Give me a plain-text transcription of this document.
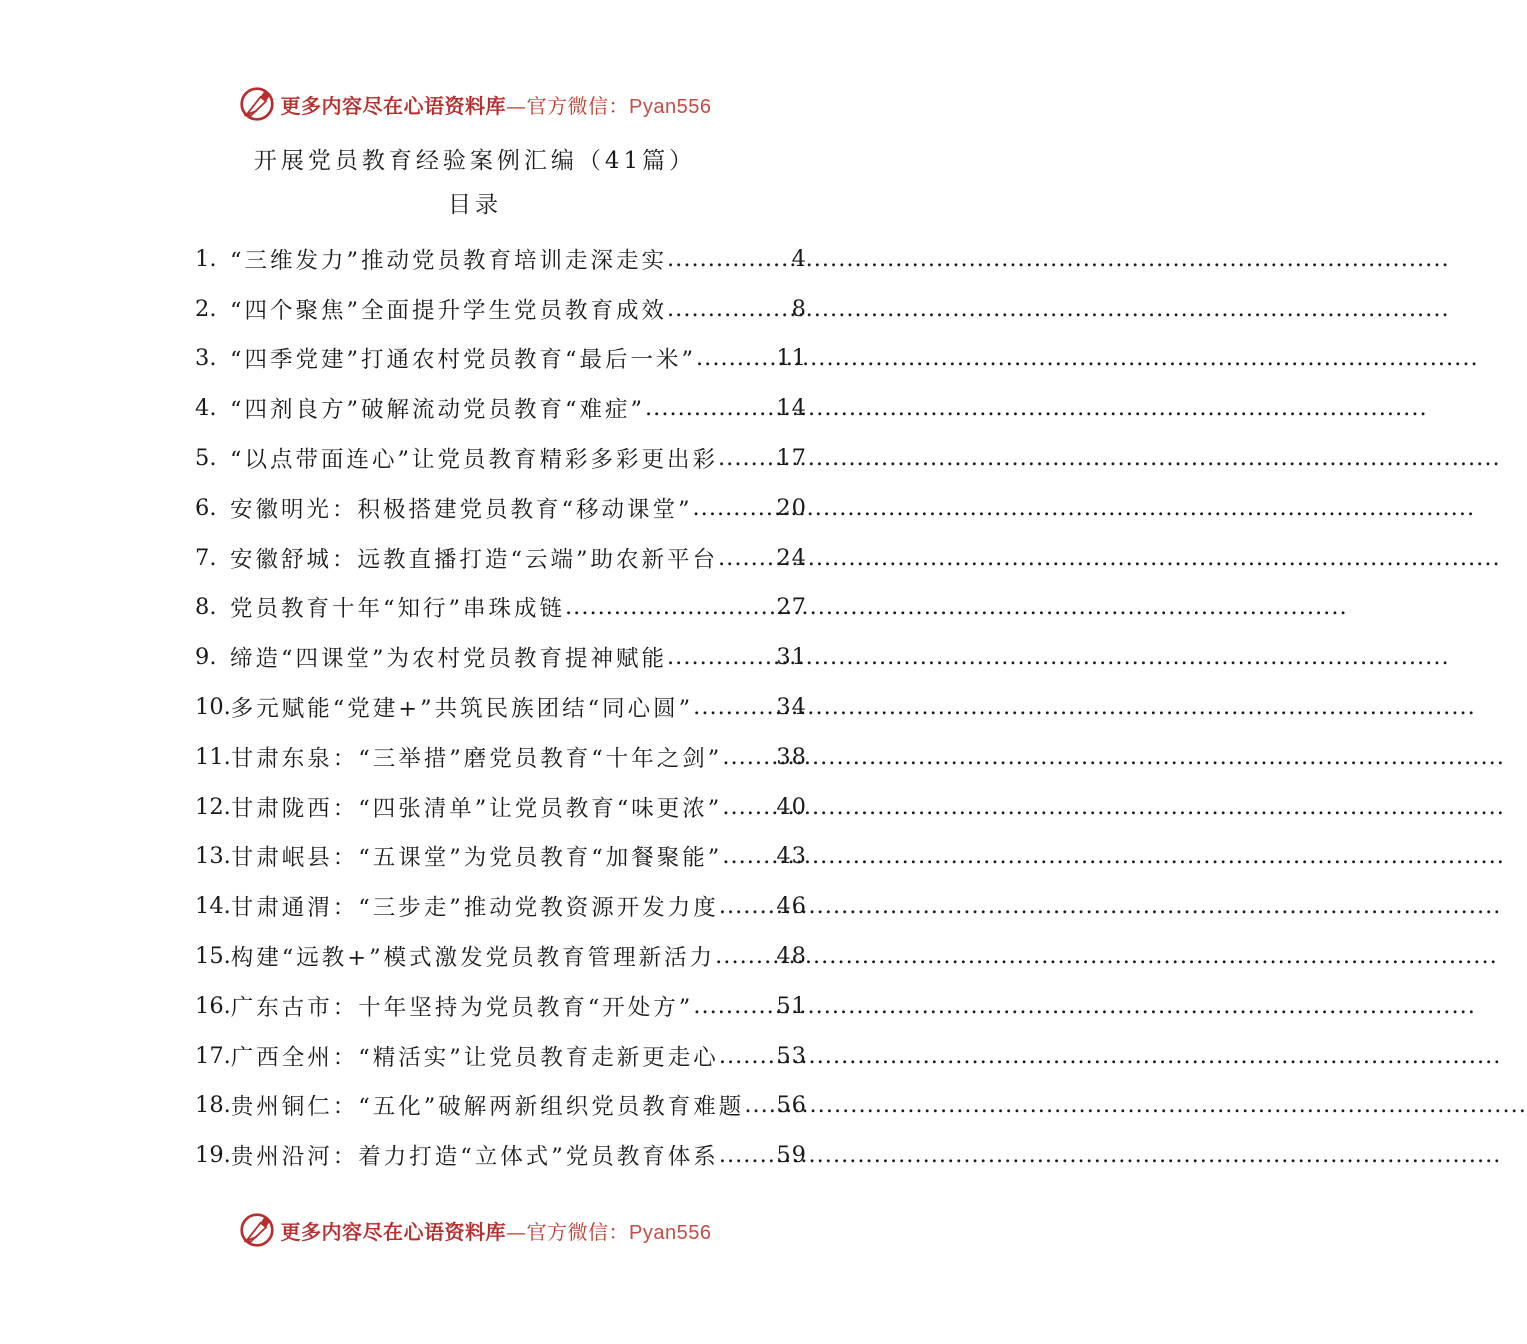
更多内容尽在心语资料库—官方微信：Pyan556
开展党员教育经验案例汇编（41篇）
目录
1. “三维发力”推动党员教育培训走深走实 .....	4
2. “四个聚焦”全面提升学生党员教育成效 .....	8
3. “四季党建”打通农村党员教育“最后一米” .....	11
4. “四剂良方”破解流动党员教育“难症” .....	14
5. “以点带面连心”让党员教育精彩多彩更出彩 .....	17
6. 安徽明光：积极搭建党员教育“移动课堂” .....	20
7. 安徽舒城：远教直播打造“云端”助农新平台 .....	24
8. 党员教育十年“知行”串珠成链 .....	27
9. 缔造“四课堂”为农村党员教育提神赋能 .....	31
10. 多元赋能“党建+”共筑民族团结“同心圆” .....	34
11. 甘肃东泉：“三举措”磨党员教育“十年之剑” ..... 38
12. 甘肃陇西：“四张清单”让党员教育“味更浓” ..... 40
13. 甘肃岷县：“五课堂”为党员教育“加餐聚能” ..... 43
14. 甘肃通渭：“三步走”推动党教资源开发力度 .....	46
15. 构建“远教+”模式激发党员教育管理新活力 .....	48
16. 广东古市：十年坚持为党员教育“开处方” .....	51
17. 广西全州：“精活实”让党员教育走新更走心 .....	53
18. 贵州铜仁：“五化”破解两新组织党员教育难题 ..... 56
19. 贵州沿河：着力打造“立体式”党员教育体系 .....	59
更多内容尽在心语资料库—官方微信：Pyan556
